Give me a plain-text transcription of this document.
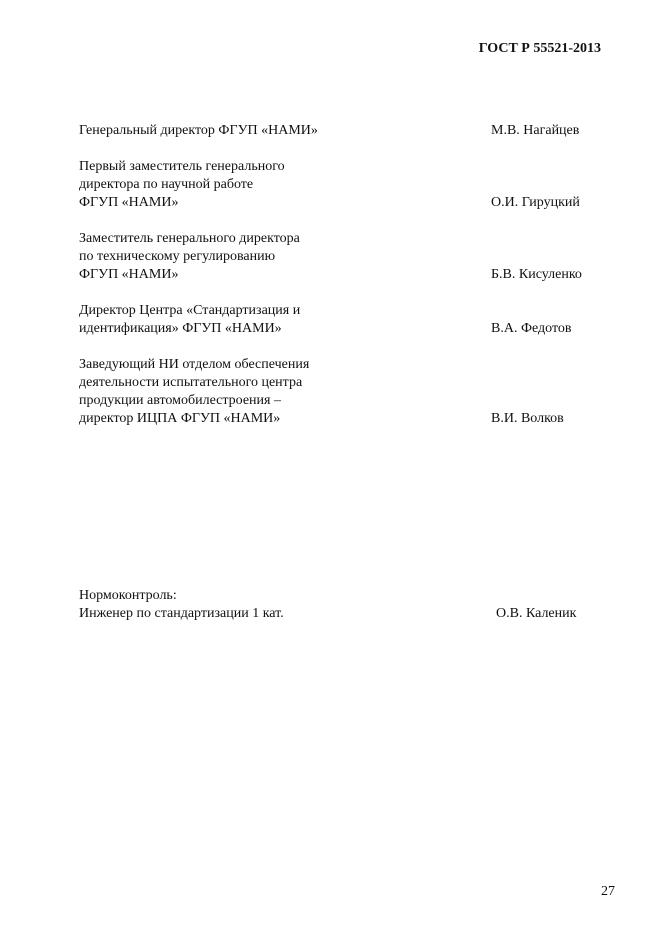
ГОСТ Р 55521-2013
Генеральный директор ФГУП «НАМИ»	М.В. Нагайцев
Первый заместитель генерального
директора по научной работе
ФГУП «НАМИ»	О.И. Гируцкий
Заместитель генерального директора
по техническому регулированию
ФГУП «НАМИ»	Б.В. Кисуленко
Директор Центра «Стандартизация и
идентификация» ФГУП «НАМИ»	В.А. Федотов
Заведующий НИ отделом обеспечения
деятельности испытательного центра
продукции автомобилестроения –
директор ИЦПА ФГУП «НАМИ»	В.И. Волков
Нормоконтроль:
Инженер по стандартизации 1 кат.	О.В. Каленик
27
